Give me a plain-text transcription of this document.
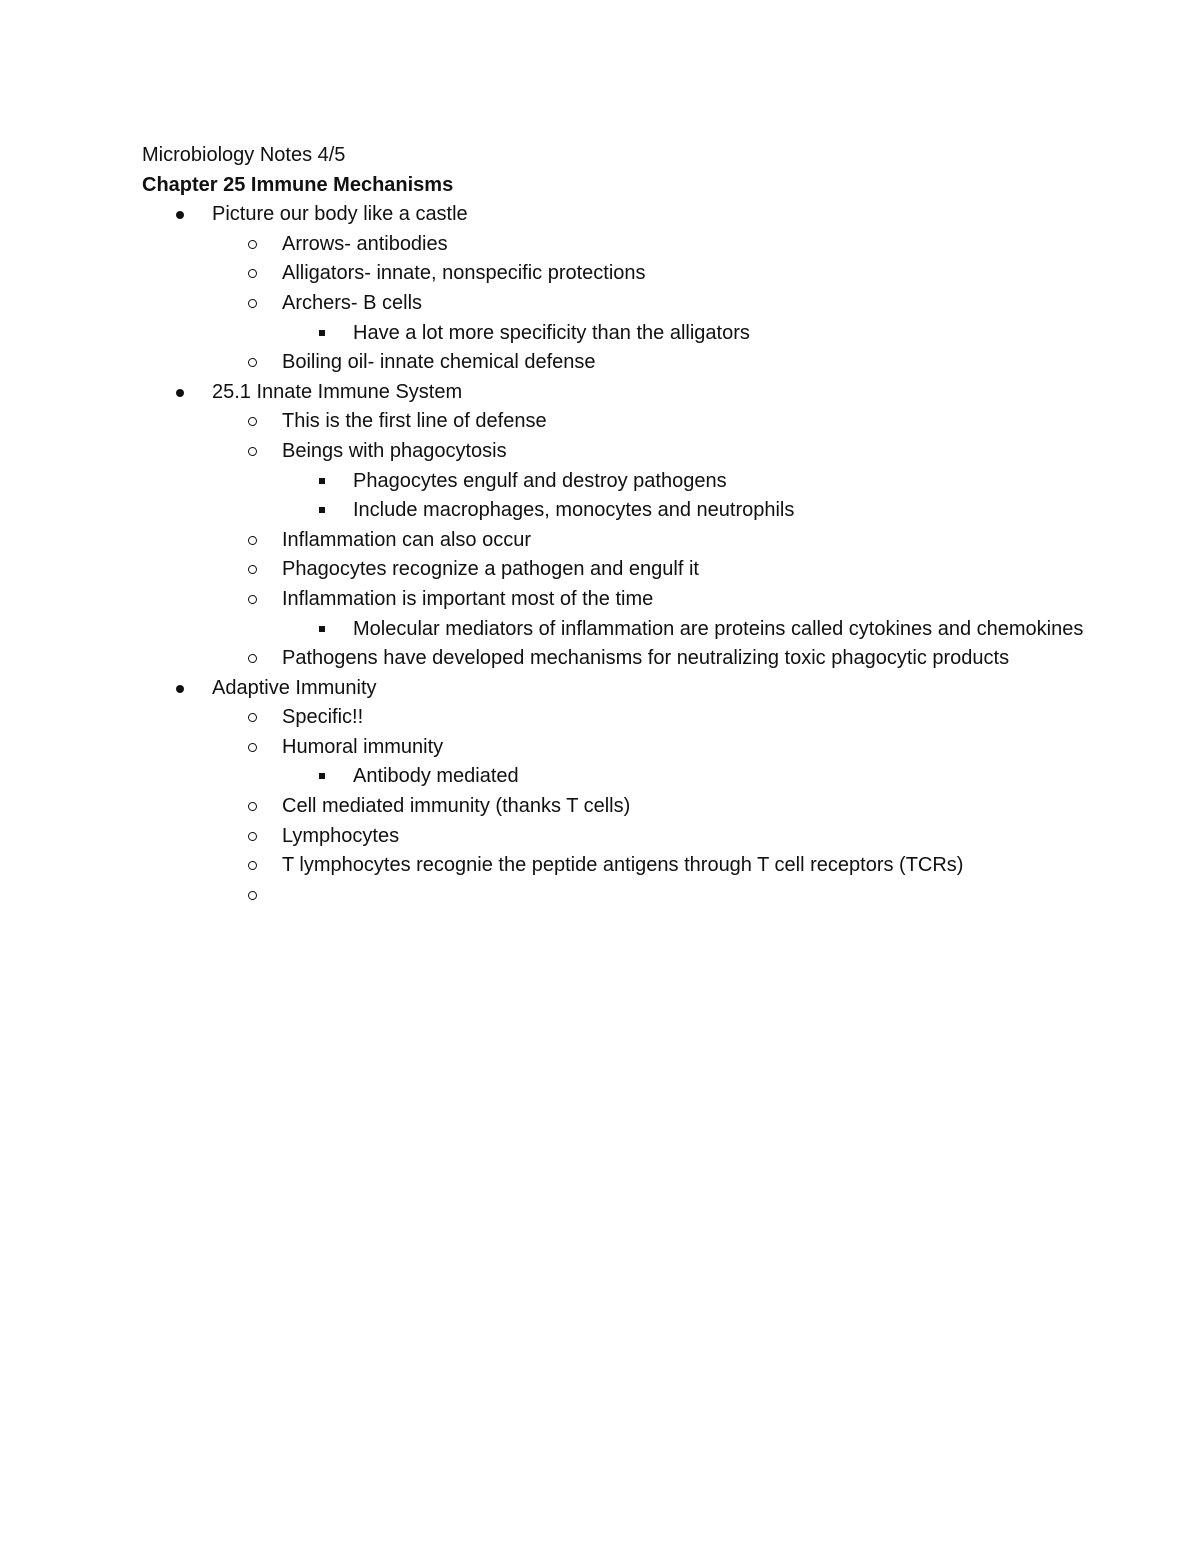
Microbiology Notes 4/5
Chapter 25 Immune Mechanisms
Picture our body like a castle
Arrows- antibodies
Alligators- innate, nonspecific protections
Archers- B cells
Have a lot more specificity than the alligators
Boiling oil- innate chemical defense
25.1 Innate Immune System
This is the first line of defense
Beings with phagocytosis
Phagocytes engulf and destroy pathogens
Include macrophages, monocytes and neutrophils
Inflammation can also occur
Phagocytes recognize a pathogen and engulf it
Inflammation is important most of the time
Molecular mediators of inflammation are proteins called cytokines and chemokines
Pathogens have developed mechanisms for neutralizing toxic phagocytic products
Adaptive Immunity
Specific!!
Humoral immunity
Antibody mediated
Cell mediated immunity (thanks T cells)
Lymphocytes
T lymphocytes recognie the peptide antigens through T cell receptors (TCRs)
